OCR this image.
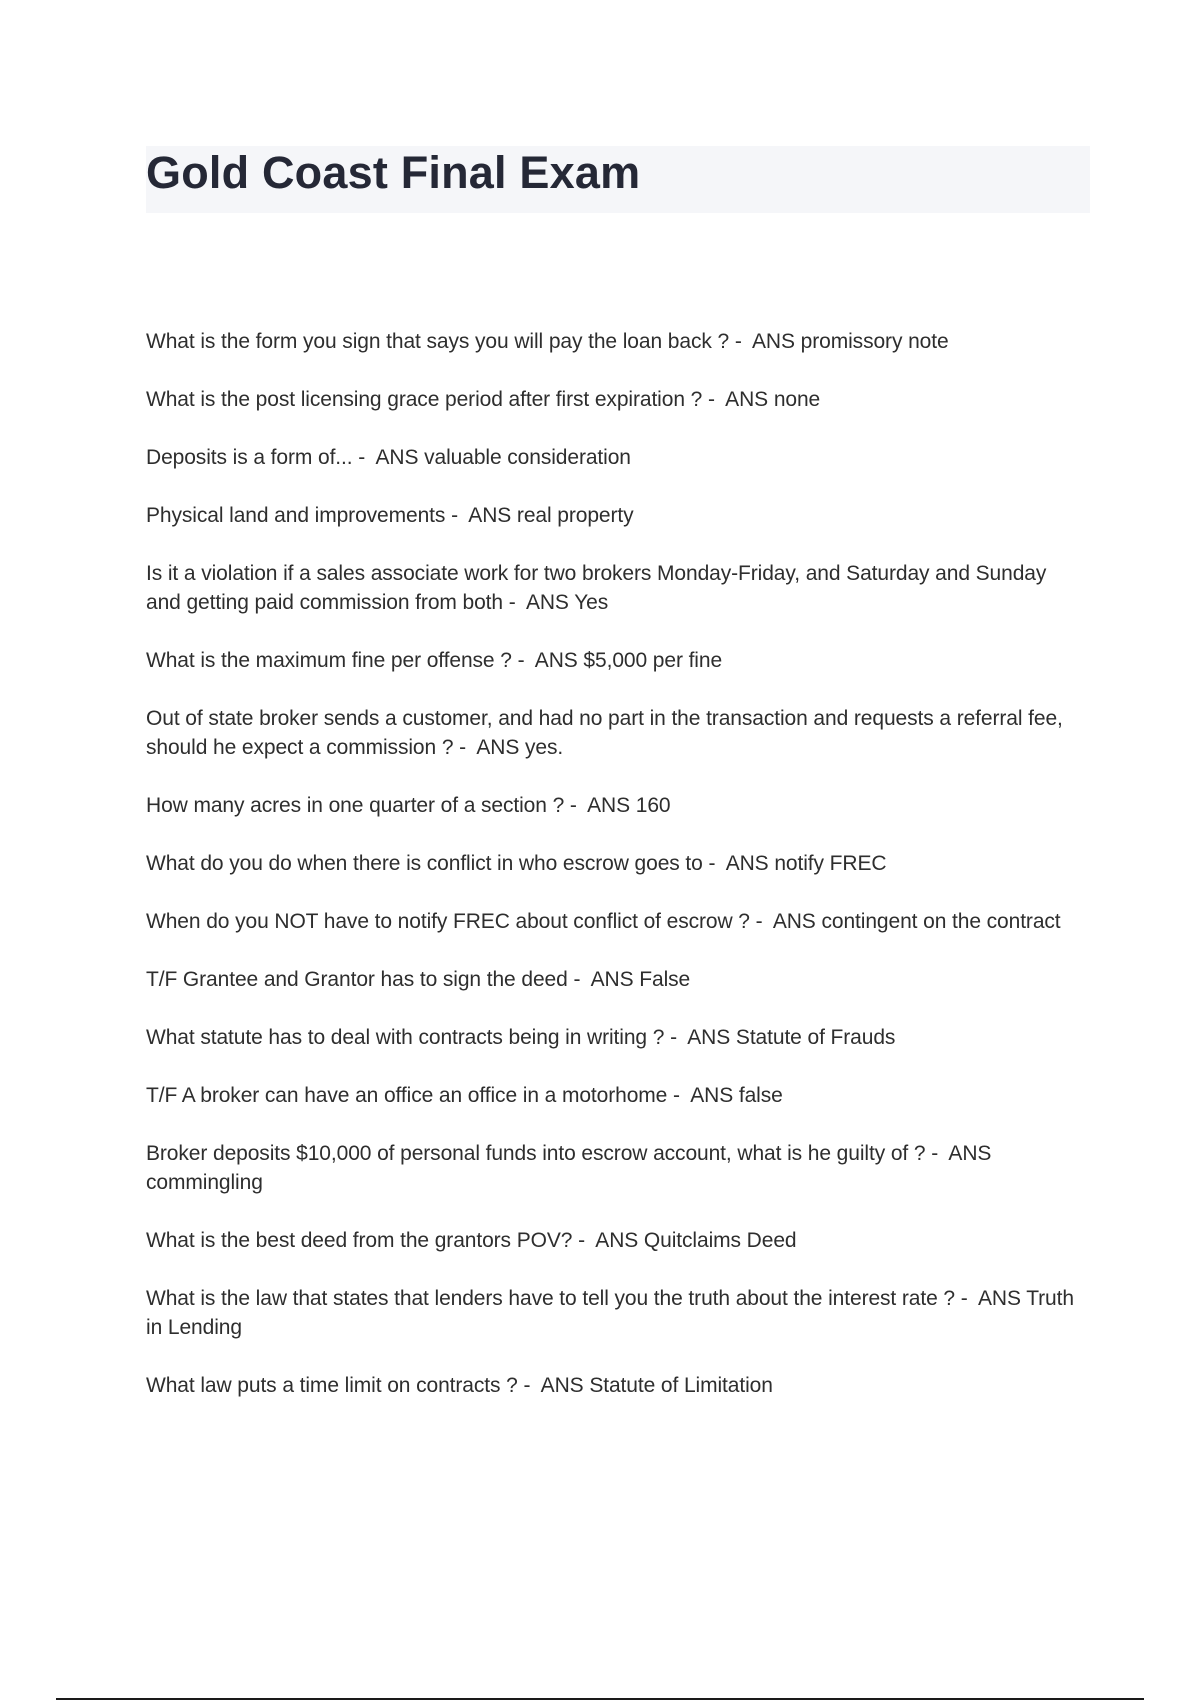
Gold Coast Final Exam
What is the form you sign that says you will pay the loan back ? -  ANS promissory note
What is the post licensing grace period after first expiration ? -  ANS none
Deposits is a form of... -  ANS valuable consideration
Physical land and improvements -  ANS real property
Is it a violation if a sales associate work for two brokers Monday-Friday, and Saturday and Sunday and getting paid commission from both -  ANS Yes
What is the maximum fine per offense ? -  ANS $5,000 per fine
Out of state broker sends a customer, and had no part in the transaction and requests a referral fee, should he expect a commission ? -  ANS yes.
How many acres in one quarter of a section ? -  ANS 160
What do you do when there is conflict in who escrow goes to -  ANS notify FREC
When do you NOT have to notify FREC about conflict of escrow ? -  ANS contingent on the contract
T/F Grantee and Grantor has to sign the deed -  ANS False
What statute has to deal with contracts being in writing ? -  ANS Statute of Frauds
T/F A broker can have an office an office in a motorhome -  ANS false
Broker deposits $10,000 of personal funds into escrow account, what is he guilty of ? -  ANS commingling
What is the best deed from the grantors POV? -  ANS Quitclaims Deed
What is the law that states that lenders have to tell you the truth about the interest rate ? -  ANS Truth in Lending
What law puts a time limit on contracts ? -  ANS Statute of Limitation
